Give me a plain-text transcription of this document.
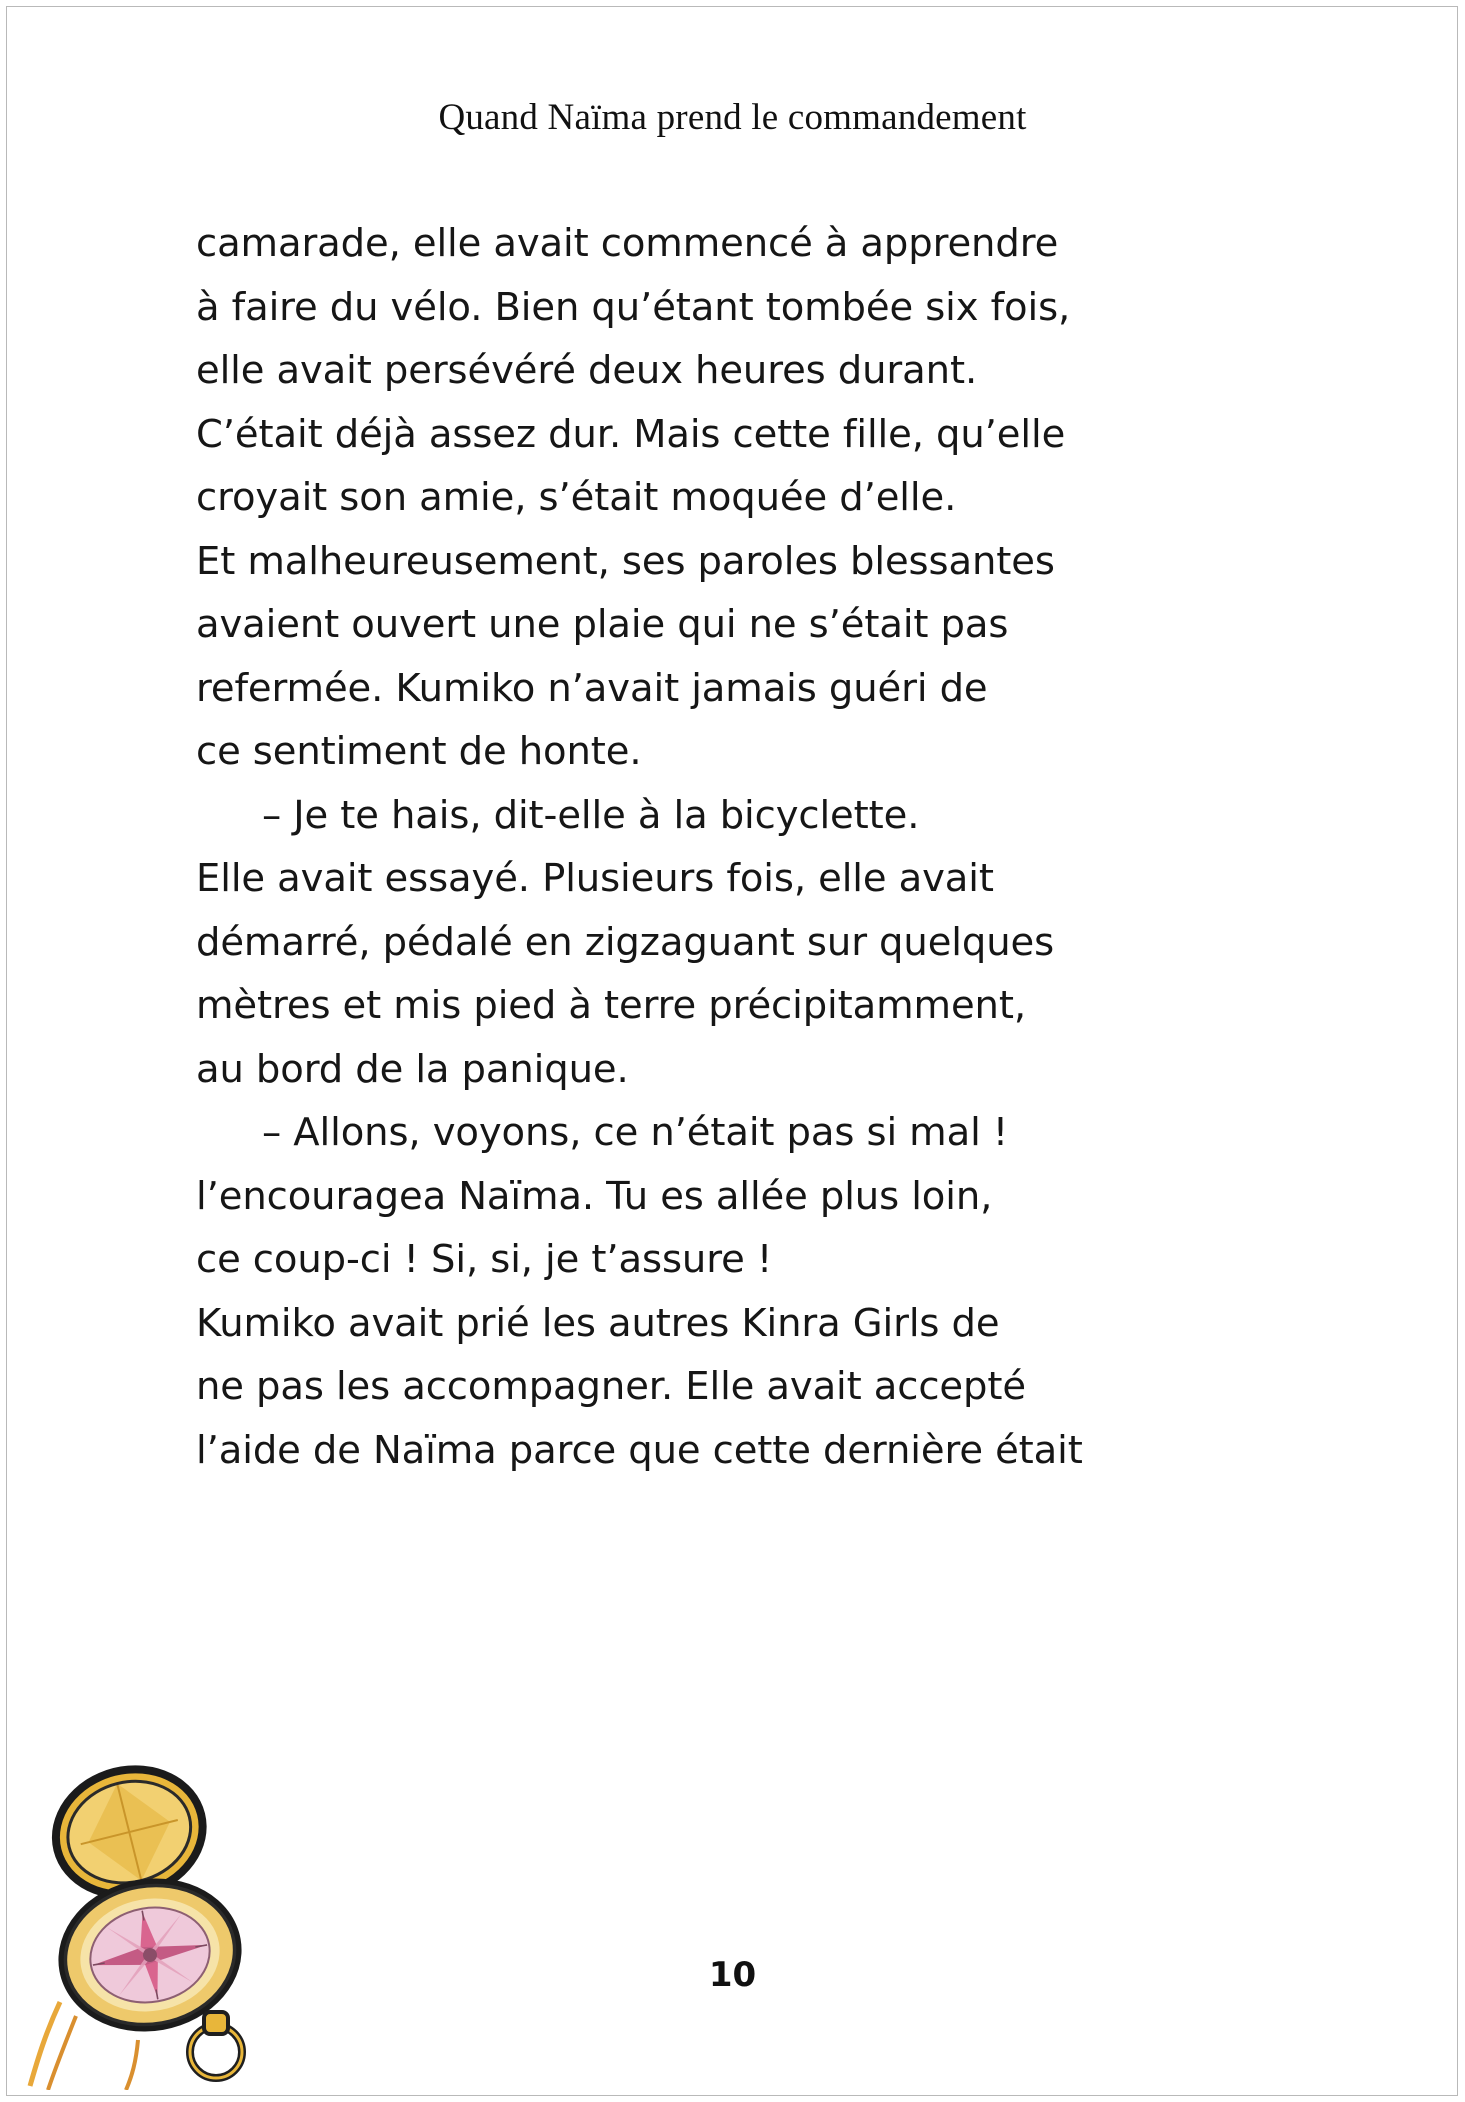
Quand Naïma prend le commandement

camarade, elle avait commencé à apprendre
à faire du vélo. Bien qu’étant tombée six fois,
elle avait persévéré deux heures durant.
C’était déjà assez dur. Mais cette fille, qu’elle
croyait son amie, s’était moquée d’elle.
Et malheureusement, ses paroles blessantes
avaient ouvert une plaie qui ne s’était pas
refermée. Kumiko n’avait jamais guéri de
ce sentiment de honte.

– Je te hais, dit-elle à la bicyclette.
Elle avait essayé. Plusieurs fois, elle avait
démarré, pédalé en zigzaguant sur quelques
mètres et mis pied à terre précipitamment,
au bord de la panique.

– Allons, voyons, ce n’était pas si mal !
l’encouragea Naïma. Tu es allée plus loin,
ce coup-ci ! Si, si, je t’assure !
Kumiko avait prié les autres Kinra Girls de
ne pas les accompagner. Elle avait accepté
l’aide de Naïma parce que cette dernière était

10
